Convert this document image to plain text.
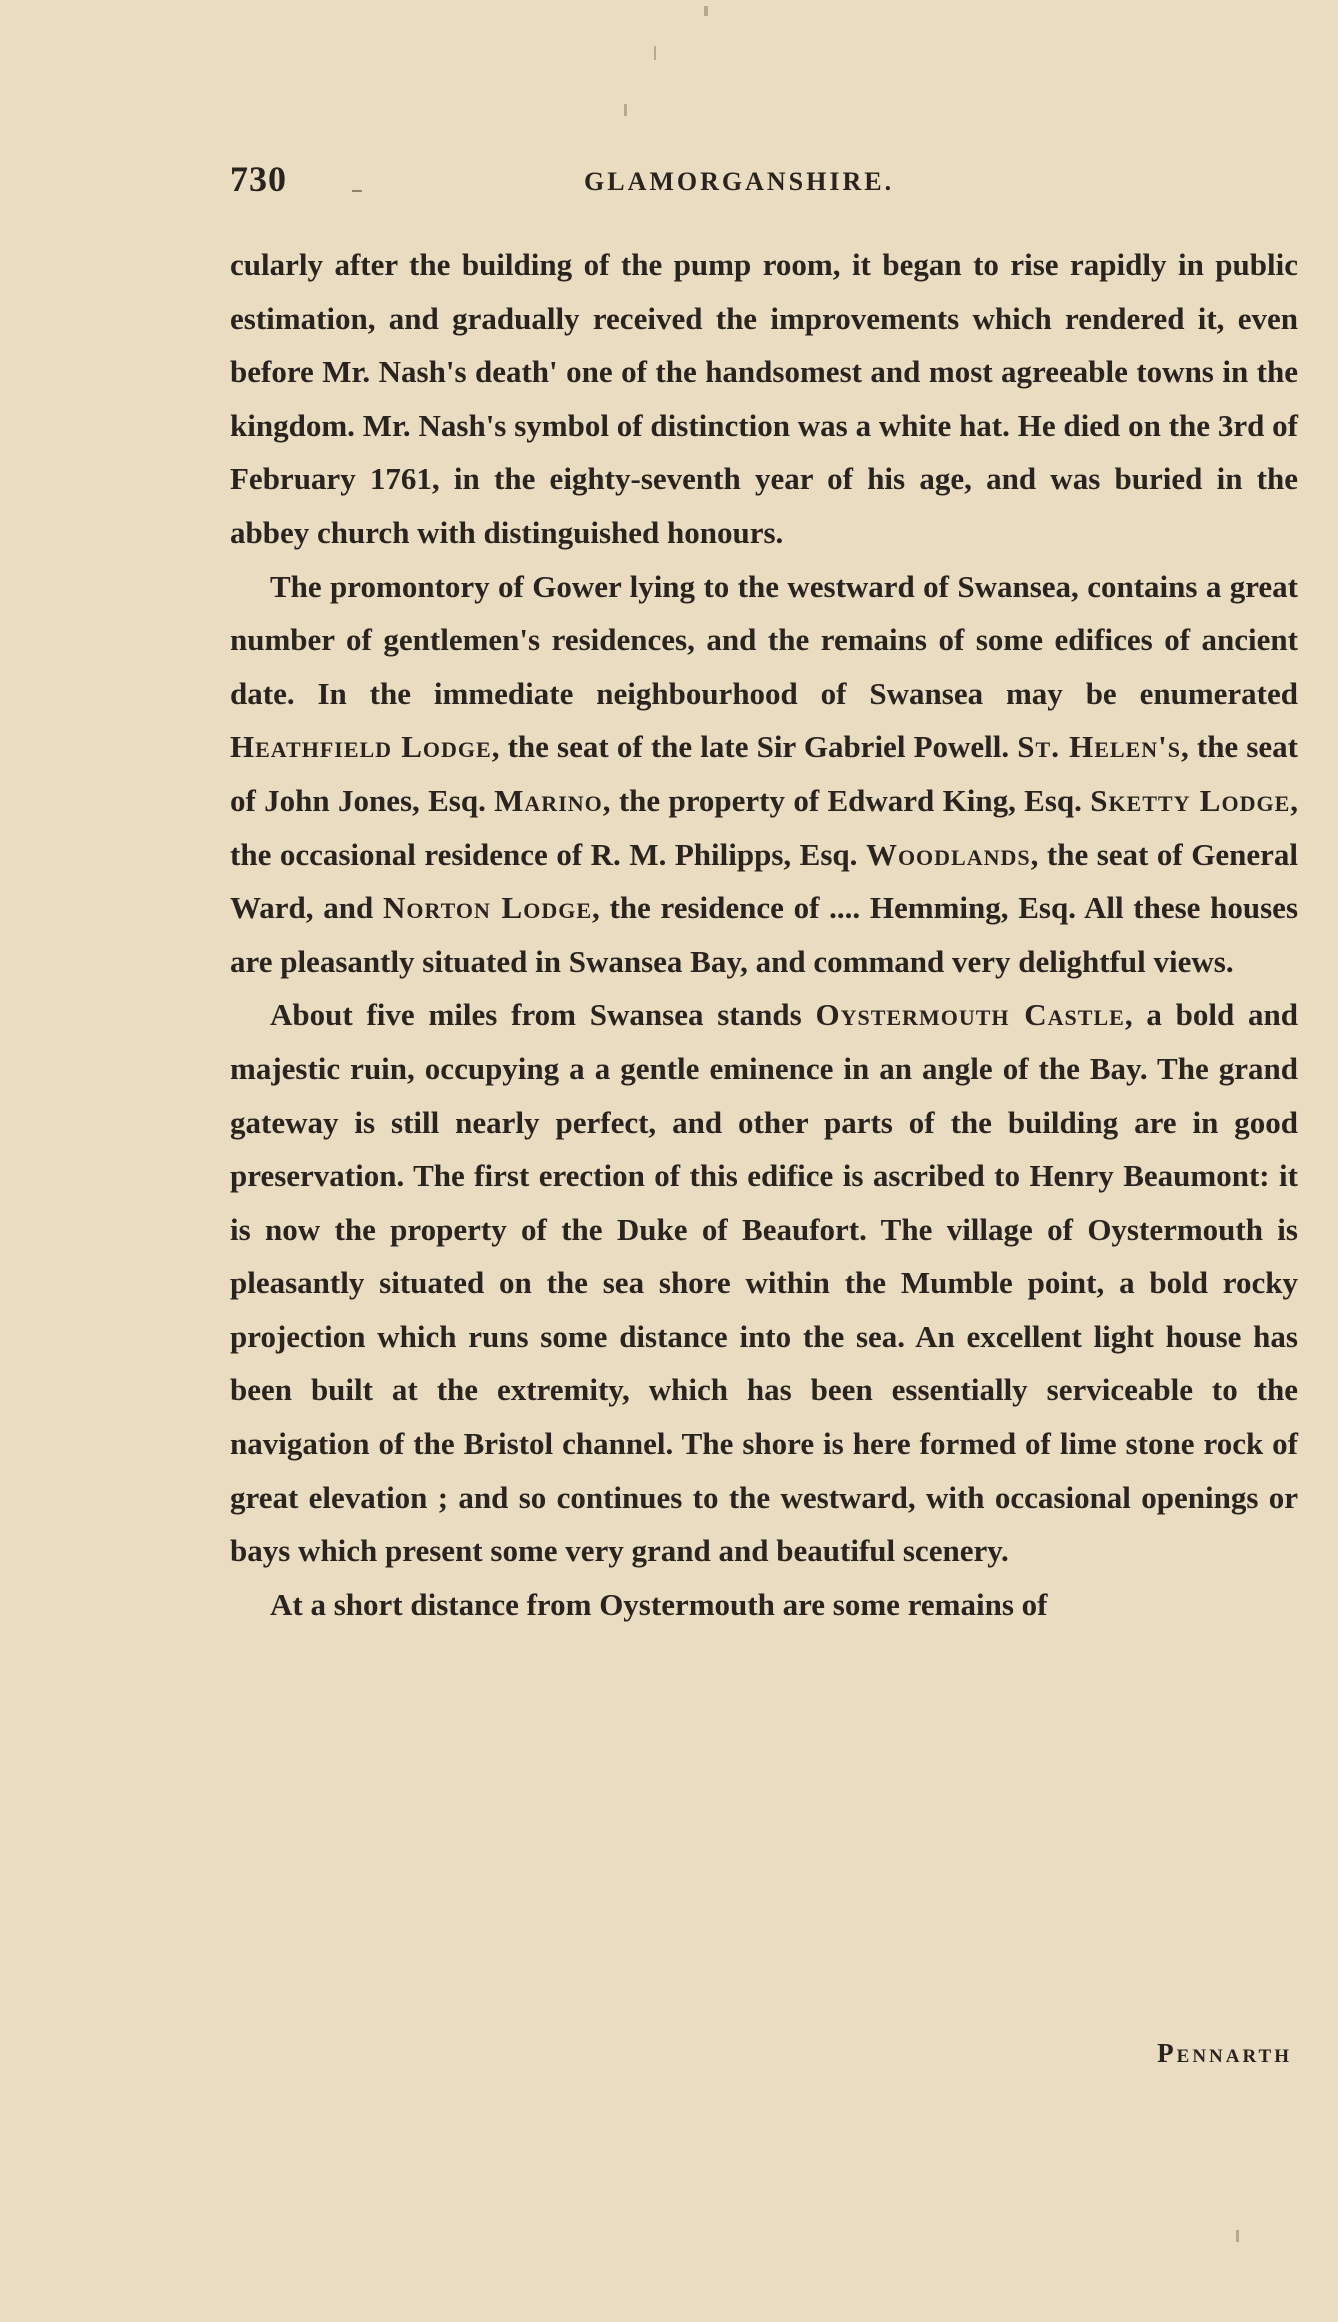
730	GLAMORGANSHIRE.

cularly after the building of the pump room, it began to rise rapidly in public estimation, and gradually received the improvements which rendered it, even before Mr. Nash's death' one of the handsomest and most agreeable towns in the kingdom. Mr. Nash's symbol of distinction was a white hat. He died on the 3rd of February 1761, in the eighty-seventh year of his age, and was buried in the abbey church with distinguished honours.

The promontory of Gower lying to the westward of Swansea, contains a great number of gentlemen's residences, and the remains of some edifices of ancient date. In the immediate neighbourhood of Swansea may be enumerated Heathfield Lodge, the seat of the late Sir Gabriel Powell. St. Helen's, the seat of John Jones, Esq. Marino, the property of Edward King, Esq. Sketty Lodge, the occasional residence of R. M. Philipps, Esq. Woodlands, the seat of General Ward, and Norton Lodge, the residence of .... Hemming, Esq. All these houses are pleasantly situated in Swansea Bay, and command very delightful views.

About five miles from Swansea stands Oystermouth Castle, a bold and majestic ruin, occupying a a gentle eminence in an angle of the Bay. The grand gateway is still nearly perfect, and other parts of the building are in good preservation. The first erection of this edifice is ascribed to Henry Beaumont: it is now the property of the Duke of Beaufort. The village of Oystermouth is pleasantly situated on the sea shore within the Mumble point, a bold rocky projection which runs some distance into the sea. An excellent light house has been built at the extremity, which has been essentially serviceable to the navigation of the Bristol channel. The shore is here formed of lime stone rock of great elevation ; and so continues to the westward, with occasional openings or bays which present some very grand and beautiful scenery.

At a short distance from Oystermouth are some remains of

Pennarth
